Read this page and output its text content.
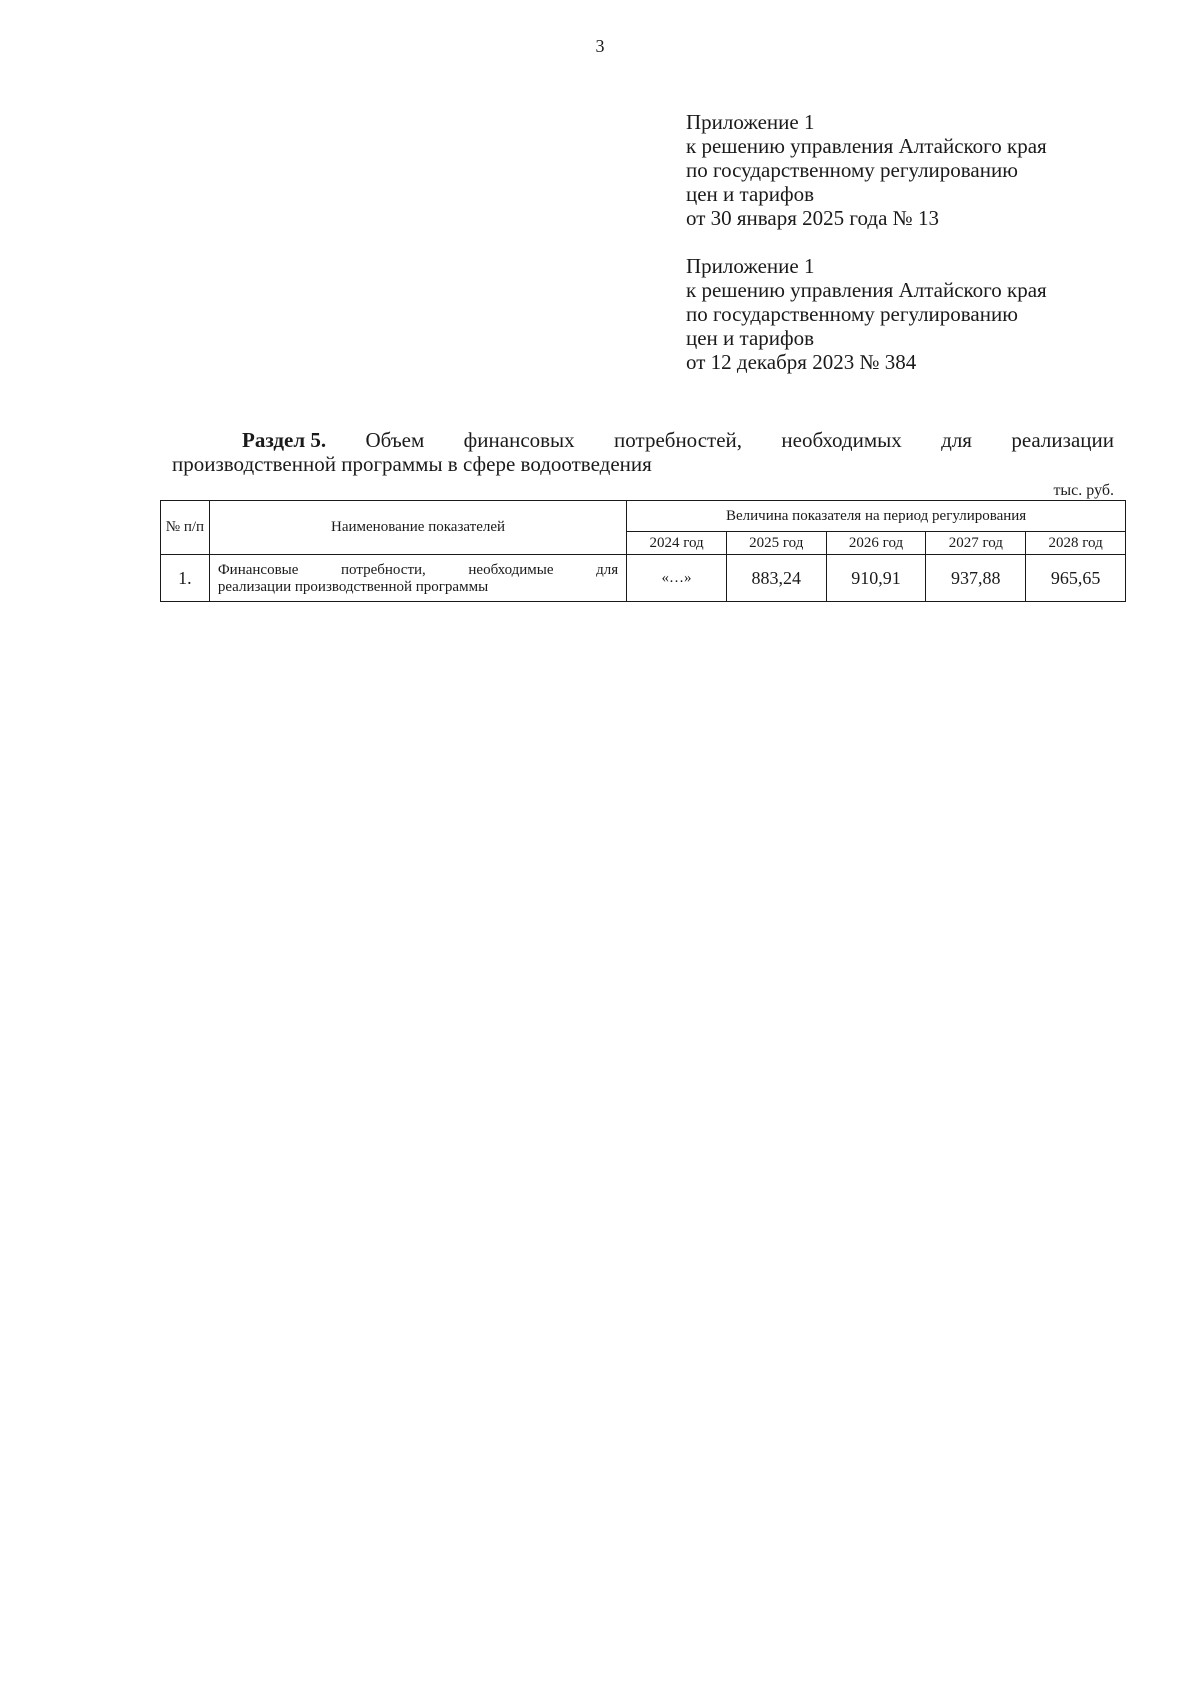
3
Приложение 1
к решению управления Алтайского края
по государственному регулированию
цен и тарифов
от 30 января 2025 года № 13
Приложение 1
к решению управления Алтайского края
по государственному регулированию
цен и тарифов
от 12 декабря 2023 № 384
Раздел 5. Объем финансовых потребностей, необходимых для реализации
производственной программы в сфере водоотведения
тыс. руб.
№ п/п	Наименование показателей	Величина показателя на период регулирования				
		2024 год	2025 год	2026 год	2027 год	2028 год
1.	Финансовые потребности, необходимые для
реализации производственной программы	«…»	883,24	910,91	937,88	965,65
